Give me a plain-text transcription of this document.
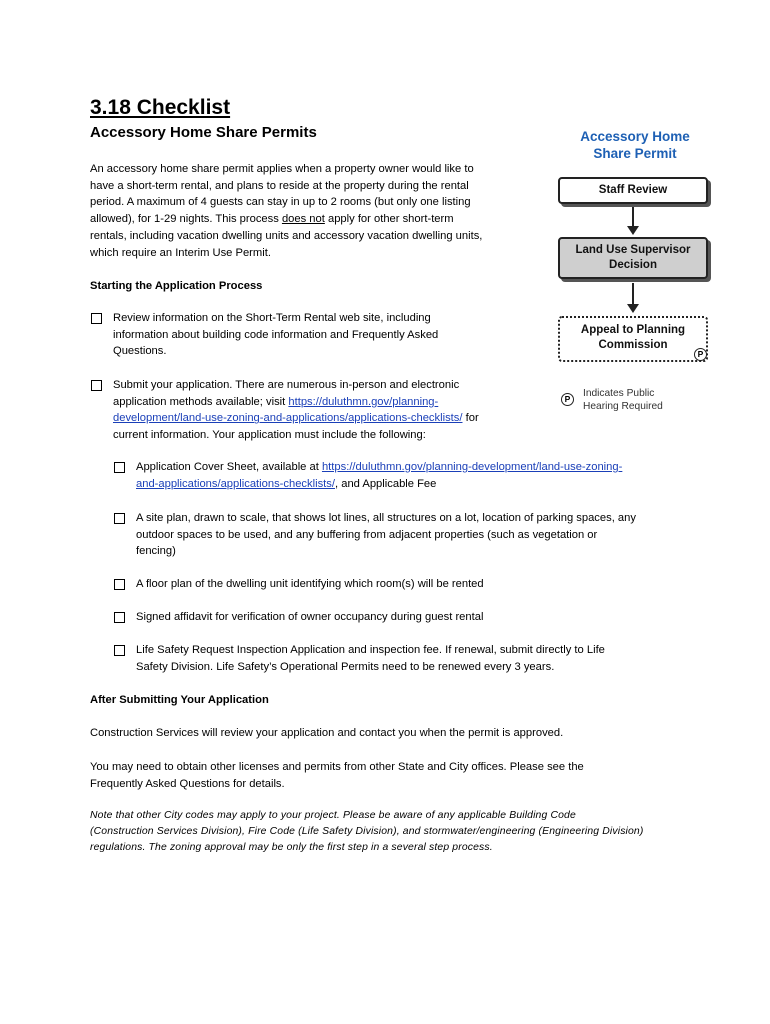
3.18 Checklist
Accessory Home Share Permits
An accessory home share permit applies when a property owner would like to
have a short-term rental, and plans to reside at the property during the rental
period. A maximum of 4 guests can stay in up to 2 rooms (but only one listing
allowed), for 1-29 nights. This process does not apply for other short-term
rentals, including vacation dwelling units and accessory vacation dwelling units,
which require an Interim Use Permit.
Starting the Application Process
Review information on the Short-Term Rental web site, including
information about building code information and Frequently Asked
Questions.
Submit your application. There are numerous in-person and electronic
application methods available; visit https://duluthmn.gov/planning-
development/land-use-zoning-and-applications/applications-checklists/ for
current information. Your application must include the following:
Application Cover Sheet, available at https://duluthmn.gov/planning-development/land-use-zoning-
and-applications/applications-checklists/, and Applicable Fee
A site plan, drawn to scale, that shows lot lines, all structures on a lot, location of parking spaces, any
outdoor spaces to be used, and any buffering from adjacent properties (such as vegetation or
fencing)
A floor plan of the dwelling unit identifying which room(s) will be rented
Signed affidavit for verification of owner occupancy during guest rental
Life Safety Request Inspection Application and inspection fee. If renewal, submit directly to Life
Safety Division. Life Safety’s Operational Permits need to be renewed every 3 years.
After Submitting Your Application
Construction Services will review your application and contact you when the permit is approved.
You may need to obtain other licenses and permits from other State and City offices. Please see the
Frequently Asked Questions for details.
Note that other City codes may apply to your project. Please be aware of any applicable Building Code
(Construction Services Division), Fire Code (Life Safety Division), and stormwater/engineering (Engineering Division)
regulations. The zoning approval may be only the first step in a several step process.
Accessory Home
Share Permit
Staff Review
Land Use Supervisor
Decision
Appeal to Planning
Commission
P
P	Indicates Public
Hearing Required
